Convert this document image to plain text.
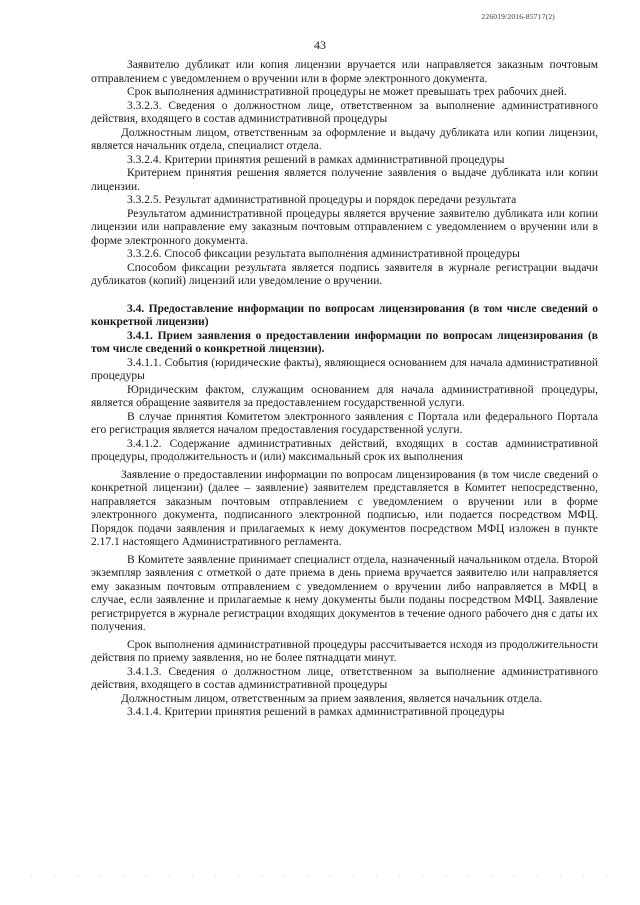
226019/2016-85717(2)
43

Заявителю дубликат или копия лицензии вручается или направляется заказным почтовым отправлением с уведомлением о вручении или в форме электронного документа.

Срок выполнения административной процедуры не может превышать трех рабочих дней.

3.3.2.3. Сведения о должностном лице, ответственном за выполнение административного действия, входящего в состав административной процедуры

Должностным лицом, ответственным за оформление и выдачу дубликата или копии лицензии, является начальник отдела, специалист отдела.

3.3.2.4. Критерии принятия решений в рамках административной процедуры

Критерием принятия решения является получение заявления о выдаче дубликата или копии лицензии.

3.3.2.5. Результат административной процедуры и порядок передачи результата

Результатом административной процедуры является вручение заявителю дубликата или копии лицензии или направление ему заказным почтовым отправлением с уведомлением о вручении или в форме электронного документа.

3.3.2.6. Способ фиксации результата выполнения административной процедуры

Способом фиксации результата является подпись заявителя в журнале регистрации выдачи дубликатов (копий) лицензий или уведомление о вручении.

3.4. Предоставление информации по вопросам лицензирования (в том числе сведений о конкретной лицензии)

3.4.1. Прием заявления о предоставлении информации по вопросам лицензирования (в том числе сведений о конкретной лицензии).

3.4.1.1. События (юридические факты), являющиеся основанием для начала административной процедуры

Юридическим фактом, служащим основанием для начала административной процедуры, является обращение заявителя за предоставлением государственной услуги.

В случае принятия Комитетом электронного заявления с Портала или федерального Портала его регистрация является началом предоставления государственной услуги.

3.4.1.2. Содержание административных действий, входящих в состав административной процедуры, продолжительность и (или) максимальный срок их выполнения

Заявление о предоставлении информации по вопросам лицензирования (в том числе сведений о конкретной лицензии) (далее – заявление) заявителем представляется в Комитет непосредственно, направляется заказным почтовым отправлением с уведомлением о вручении или в форме электронного документа, подписанного электронной подписью, или подается посредством МФЦ. Порядок подачи заявления и прилагаемых к нему документов посредством МФЦ изложен в пункте 2.17.1 настоящего Административного регламента.

В Комитете заявление принимает специалист отдела, назначенный начальником отдела. Второй экземпляр заявления с отметкой о дате приема в день приема вручается заявителю или направляется ему заказным почтовым отправлением с уведомлением о вручении либо направляется в МФЦ в случае, если заявление и прилагаемые к нему документы были поданы посредством МФЦ. Заявление регистрируется в журнале регистрации входящих документов в течение одного рабочего дня с даты их получения.

Срок выполнения административной процедуры рассчитывается исходя из продолжительности действия по приему заявления, но не более пятнадцати минут.

3.4.1.3. Сведения о должностном лице, ответственном за выполнение административного действия, входящего в состав административной процедуры

Должностным лицом, ответственным за прием заявления, является начальник отдела.

3.4.1.4. Критерии принятия решений в рамках административной процедуры
